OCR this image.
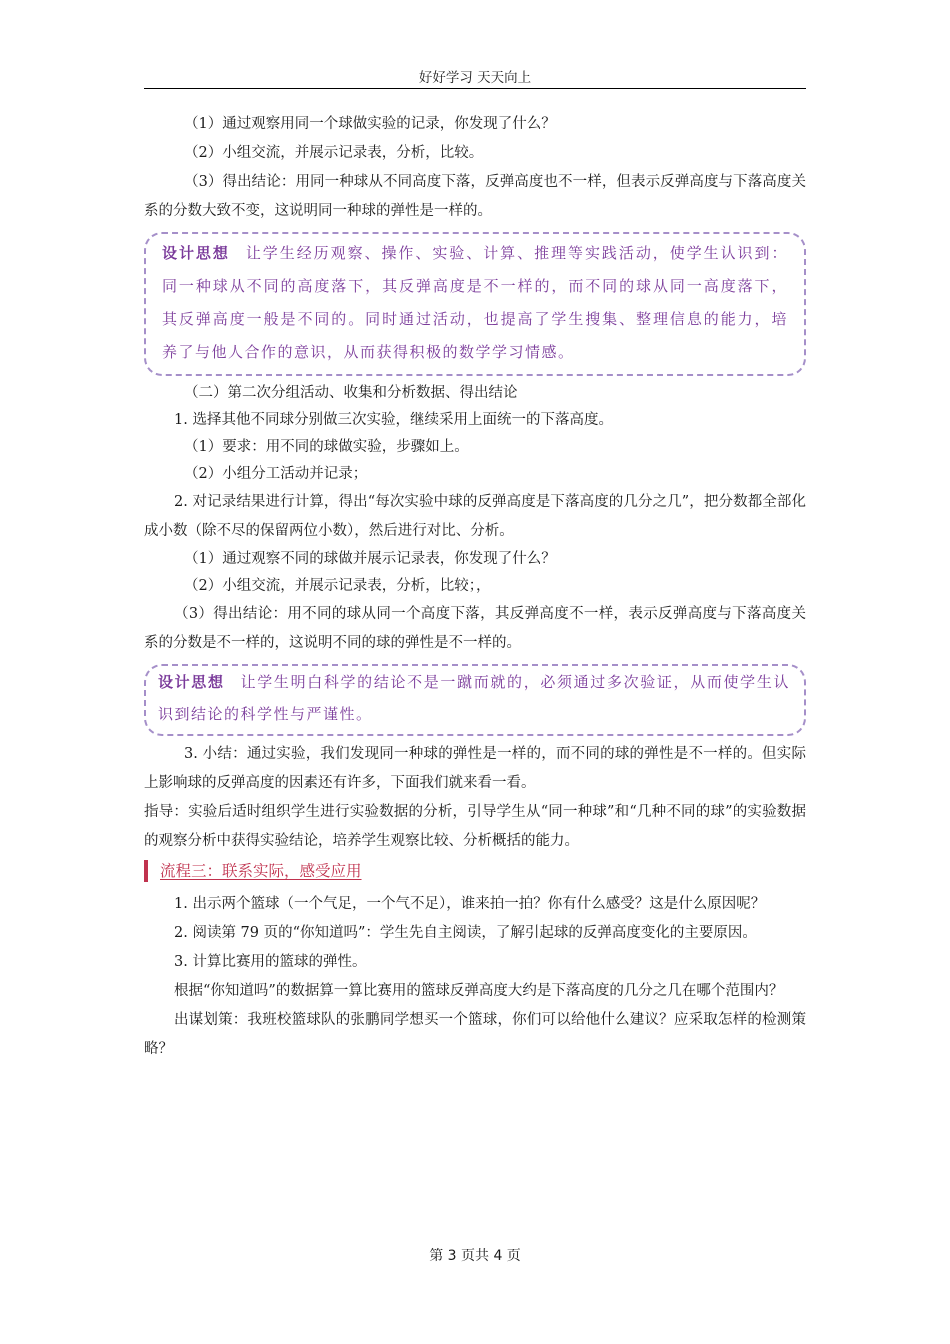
好好学习 天天向上

（1）通过观察用同一个球做实验的记录，你发现了什么？

（2）小组交流，并展示记录表，分析，比较。

（3）得出结论：用同一种球从不同高度下落，反弹高度也不一样，但表示反弹高度与下落高度关系的分数大致不变，这说明同一种球的弹性是一样的。

设计思想 让学生经历观察、操作、实验、计算、推理等实践活动，使学生认识到：同一种球从不同的高度落下，其反弹高度是不一样的，而不同的球从同一高度落下，其反弹高度一般是不同的。同时通过活动，也提高了学生搜集、整理信息的能力，培养了与他人合作的意识，从而获得积极的数学学习情感。

（二）第二次分组活动、收集和分析数据、得出结论

1. 选择其他不同球分别做三次实验，继续采用上面统一的下落高度。

（1）要求：用不同的球做实验，步骤如上。

（2）小组分工活动并记录；

2. 对记录结果进行计算，得出“每次实验中球的反弹高度是下落高度的几分之几”，把分数都全部化成小数（除不尽的保留两位小数），然后进行对比、分析。

（1）通过观察不同的球做并展示记录表，你发现了什么？

（2）小组交流，并展示记录表，分析，比较；，

（3）得出结论：用不同的球从同一个高度下落，其反弹高度不一样，表示反弹高度与下落高度关系的分数是不一样的，这说明不同的球的弹性是不一样的。

设计思想 让学生明白科学的结论不是一蹴而就的，必须通过多次验证，从而使学生认识到结论的科学性与严谨性。

3. 小结：通过实验，我们发现同一种球的弹性是一样的，而不同的球的弹性是不一样的。但实际上影响球的反弹高度的因素还有许多，下面我们就来看一看。

指导：实验后适时组织学生进行实验数据的分析，引导学生从“同一种球”和“几种不同的球”的实验数据的观察分析中获得实验结论，培养学生观察比较、分析概括的能力。

流程三：联系实际，感受应用

1. 出示两个篮球（一个气足，一个气不足），谁来拍一拍？你有什么感受？这是什么原因呢？

2. 阅读第 79 页的“你知道吗”：学生先自主阅读，了解引起球的反弹高度变化的主要原因。

3. 计算比赛用的篮球的弹性。

根据“你知道吗”的数据算一算比赛用的篮球反弹高度大约是下落高度的几分之几在哪个范围内？

出谋划策：我班校篮球队的张鹏同学想买一个篮球，你们可以给他什么建议？应采取怎样的检测策略？

第 3 页共 4 页
